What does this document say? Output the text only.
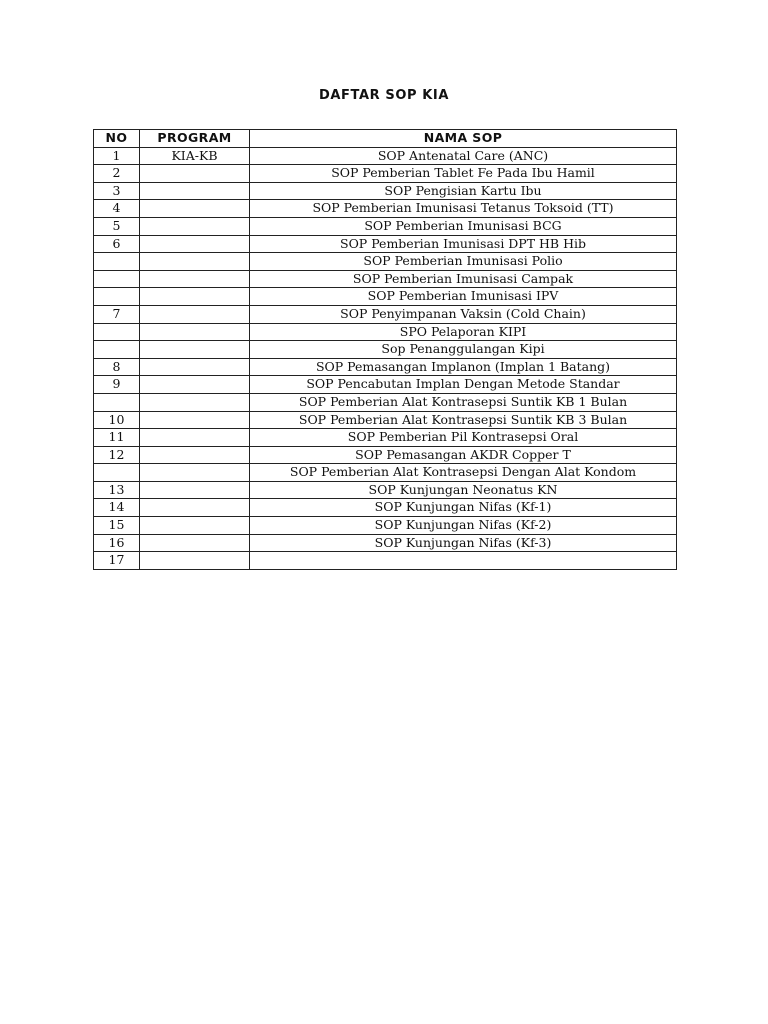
DAFTAR SOP KIA
NO	PROGRAM	NAMA SOP
1	KIA-KB	SOP Antenatal Care (ANC)
2		SOP Pemberian Tablet Fe Pada Ibu Hamil
3		SOP Pengisian Kartu Ibu
4		SOP Pemberian Imunisasi Tetanus Toksoid (TT)
5		SOP Pemberian Imunisasi BCG
6		SOP Pemberian Imunisasi DPT HB Hib
		SOP Pemberian Imunisasi Polio
		SOP Pemberian Imunisasi Campak
		SOP Pemberian Imunisasi IPV
7		SOP Penyimpanan Vaksin (Cold Chain)
		SPO Pelaporan KIPI
		Sop Penanggulangan Kipi
8		SOP Pemasangan Implanon (Implan 1 Batang)
9		SOP Pencabutan Implan Dengan Metode Standar
		SOP Pemberian Alat Kontrasepsi Suntik KB 1 Bulan
10		SOP Pemberian Alat Kontrasepsi Suntik KB 3 Bulan
11		SOP Pemberian Pil Kontrasepsi Oral
12		SOP Pemasangan AKDR Copper T
		SOP Pemberian Alat Kontrasepsi Dengan Alat Kondom
13		SOP Kunjungan Neonatus KN
14		SOP Kunjungan Nifas (Kf-1)
15		SOP Kunjungan Nifas (Kf-2)
16		SOP Kunjungan Nifas (Kf-3)
17		
